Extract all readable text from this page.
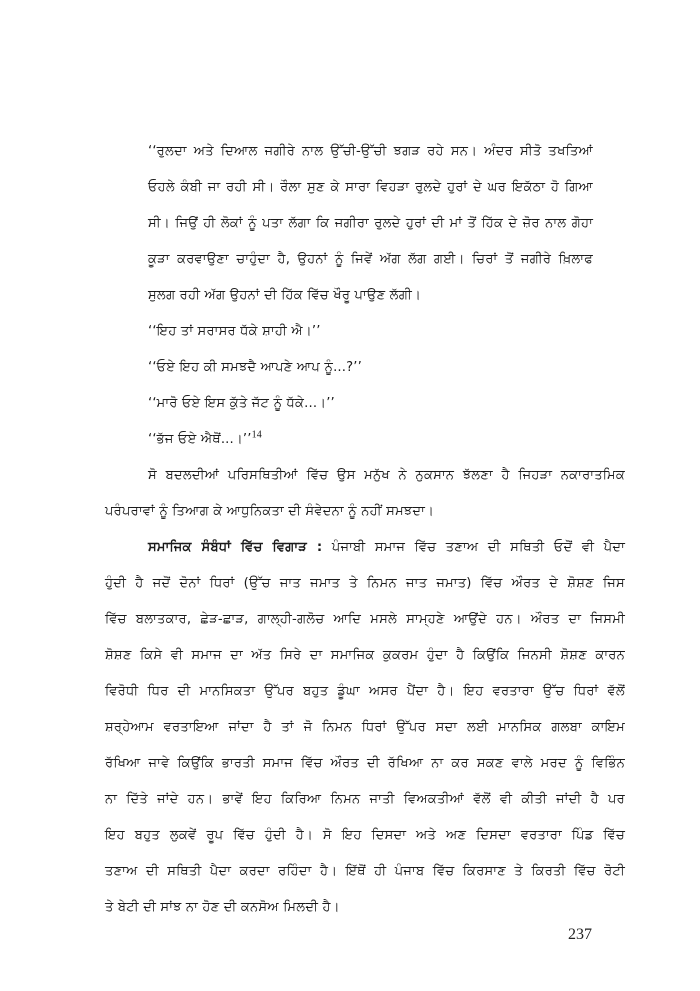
‘‘ਰੁਲਦਾ ਅਤੇ ਦਿਆਲ ਜਗੀਰੇ ਨਾਲ ਉੱਚੀ-ਉੱਚੀ ਝਗੜ ਰਹੇ ਸਨ। ਅੰਦਰ ਸੀਤੋ ਤਖਤਿਆਂ
ਓਹਲੇ ਕੰਬੀ ਜਾ ਰਹੀ ਸੀ। ਰੌਲਾ ਸੁਣ ਕੇ ਸਾਰਾ ਵਿਹੜਾ ਰੁਲਦੇ ਹੁਰਾਂ ਦੇ ਘਰ ਇਕੱਠਾ ਹੋ ਗਿਆ
ਸੀ। ਜਿਉਂ ਹੀ ਲੋਕਾਂ ਨੂੰ ਪਤਾ ਲੱਗਾ ਕਿ ਜਗੀਰਾ ਰੁਲਦੇ ਹੁਰਾਂ ਦੀ ਮਾਂ ਤੋਂ ਹਿੱਕ ਦੇ ਜ਼ੋਰ ਨਾਲ ਗੋਹਾ
ਕੂੜਾ ਕਰਵਾਉਣਾ ਚਾਹੁੰਦਾ ਹੈ, ਉਹਨਾਂ ਨੂੰ ਜਿਵੇਂ ਅੱਗ ਲੱਗ ਗਈ। ਚਿਰਾਂ ਤੋਂ ਜਗੀਰੇ ਖ਼ਿਲਾਫ
ਸੁਲਗ ਰਹੀ ਅੱਗ ਉਹਨਾਂ ਦੀ ਹਿੱਕ ਵਿੱਚ ਖੌਰੂ ਪਾਉਣ ਲੱਗੀ।
‘‘ਇਹ ਤਾਂ ਸਰਾਸਰ ਧੱਕੇ ਸ਼ਾਹੀ ਐ।’’
‘‘ਓਏ ਇਹ ਕੀ ਸਮਝਦੈ ਆਪਣੇ ਆਪ ਨੂੰ...?’’
‘‘ਮਾਰੋ ਓਏ ਇਸ ਕੁੱਤੇ ਜੱਟ ਨੂੰ ਧੱਕੇ...।’’
‘‘ਭੱਜ ਓਏ ਐਥੋਂ...।’’$^{14}$
ਸੋ ਬਦਲਦੀਆਂ ਪਰਿਸਥਿਤੀਆਂ ਵਿੱਚ ਉਸ ਮਨੁੱਖ ਨੇ ਨੁਕਸਾਨ ਝੱਲਣਾ ਹੈ ਜਿਹੜਾ ਨਕਾਰਾਤਮਿਕ
ਪਰੰਪਰਾਵਾਂ ਨੂੰ ਤਿਆਗ ਕੇ ਆਧੁਨਿਕਤਾ ਦੀ ਸੰਵੇਦਨਾ ਨੂੰ ਨਹੀਂ ਸਮਝਦਾ।
ਸਮਾਜਿਕ ਸੰਬੰਧਾਂ ਵਿੱਚ ਵਿਗਾੜ : ਪੰਜਾਬੀ ਸਮਾਜ ਵਿੱਚ ਤਣਾਅ ਦੀ ਸਥਿਤੀ ਓਦੋਂ ਵੀ ਪੈਦਾ
ਹੁੰਦੀ ਹੈ ਜਦੋਂ ਦੋਨਾਂ ਧਿਰਾਂ (ਉੱਚ ਜਾਤ ਜਮਾਤ ਤੇ ਨਿਮਨ ਜਾਤ ਜਮਾਤ) ਵਿੱਚ ਔਰਤ ਦੇ ਸ਼ੋਸ਼ਣ ਜਿਸ
ਵਿੱਚ ਬਲਾਤਕਾਰ, ਛੇੜ-ਛਾੜ, ਗਾਲ੍ਹੀ-ਗਲੋਚ ਆਦਿ ਮਸਲੇ ਸਾਮ੍ਹਣੇ ਆਉਂਦੇ ਹਨ। ਔਰਤ ਦਾ ਜਿਸਮੀ
ਸ਼ੋਸ਼ਣ ਕਿਸੇ ਵੀ ਸਮਾਜ ਦਾ ਅੱਤ ਸਿਰੇ ਦਾ ਸਮਾਜਿਕ ਕੁਕਰਮ ਹੁੰਦਾ ਹੈ ਕਿਉਂਕਿ ਜਿਨਸੀ ਸ਼ੋਸ਼ਣ ਕਾਰਨ
ਵਿਰੋਧੀ ਧਿਰ ਦੀ ਮਾਨਸਿਕਤਾ ਉੱਪਰ ਬਹੁਤ ਡੂੰਘਾ ਅਸਰ ਪੈਂਦਾ ਹੈ। ਇਹ ਵਰਤਾਰਾ ਉੱਚ ਧਿਰਾਂ ਵੱਲੋਂ
ਸ਼ਰ੍ਹੇਆਮ ਵਰਤਾਇਆ ਜਾਂਦਾ ਹੈ ਤਾਂ ਜੋ ਨਿਮਨ ਧਿਰਾਂ ਉੱਪਰ ਸਦਾ ਲਈ ਮਾਨਸਿਕ ਗਲਬਾ ਕਾਇਮ
ਰੱਖਿਆ ਜਾਵੇ ਕਿਉਂਕਿ ਭਾਰਤੀ ਸਮਾਜ ਵਿੱਚ ਔਰਤ ਦੀ ਰੱਖਿਆ ਨਾ ਕਰ ਸਕਣ ਵਾਲੇ ਮਰਦ ਨੂੰ ਵਿਭਿੰਨ
ਨਾ ਦਿੱਤੇ ਜਾਂਦੇ ਹਨ। ਭਾਵੇਂ ਇਹ ਕਿਰਿਆ ਨਿਮਨ ਜਾਤੀ ਵਿਅਕਤੀਆਂ ਵੱਲੋਂ ਵੀ ਕੀਤੀ ਜਾਂਦੀ ਹੈ ਪਰ
ਇਹ ਬਹੁਤ ਲੁਕਵੇਂ ਰੂਪ ਵਿੱਚ ਹੁੰਦੀ ਹੈ। ਸੋ ਇਹ ਦਿਸਦਾ ਅਤੇ ਅਣ ਦਿਸਦਾ ਵਰਤਾਰਾ ਪਿੰਡ ਵਿੱਚ
ਤਣਾਅ ਦੀ ਸਥਿਤੀ ਪੈਦਾ ਕਰਦਾ ਰਹਿੰਦਾ ਹੈ। ਇੱਥੋਂ ਹੀ ਪੰਜਾਬ ਵਿੱਚ ਕਿਰਸਾਣ ਤੇ ਕਿਰਤੀ ਵਿੱਚ ਰੋਟੀ
ਤੇ ਬੇਟੀ ਦੀ ਸਾਂਝ ਨਾ ਹੋਣ ਦੀ ਕਨਸੋਅ ਮਿਲਦੀ ਹੈ।
237
